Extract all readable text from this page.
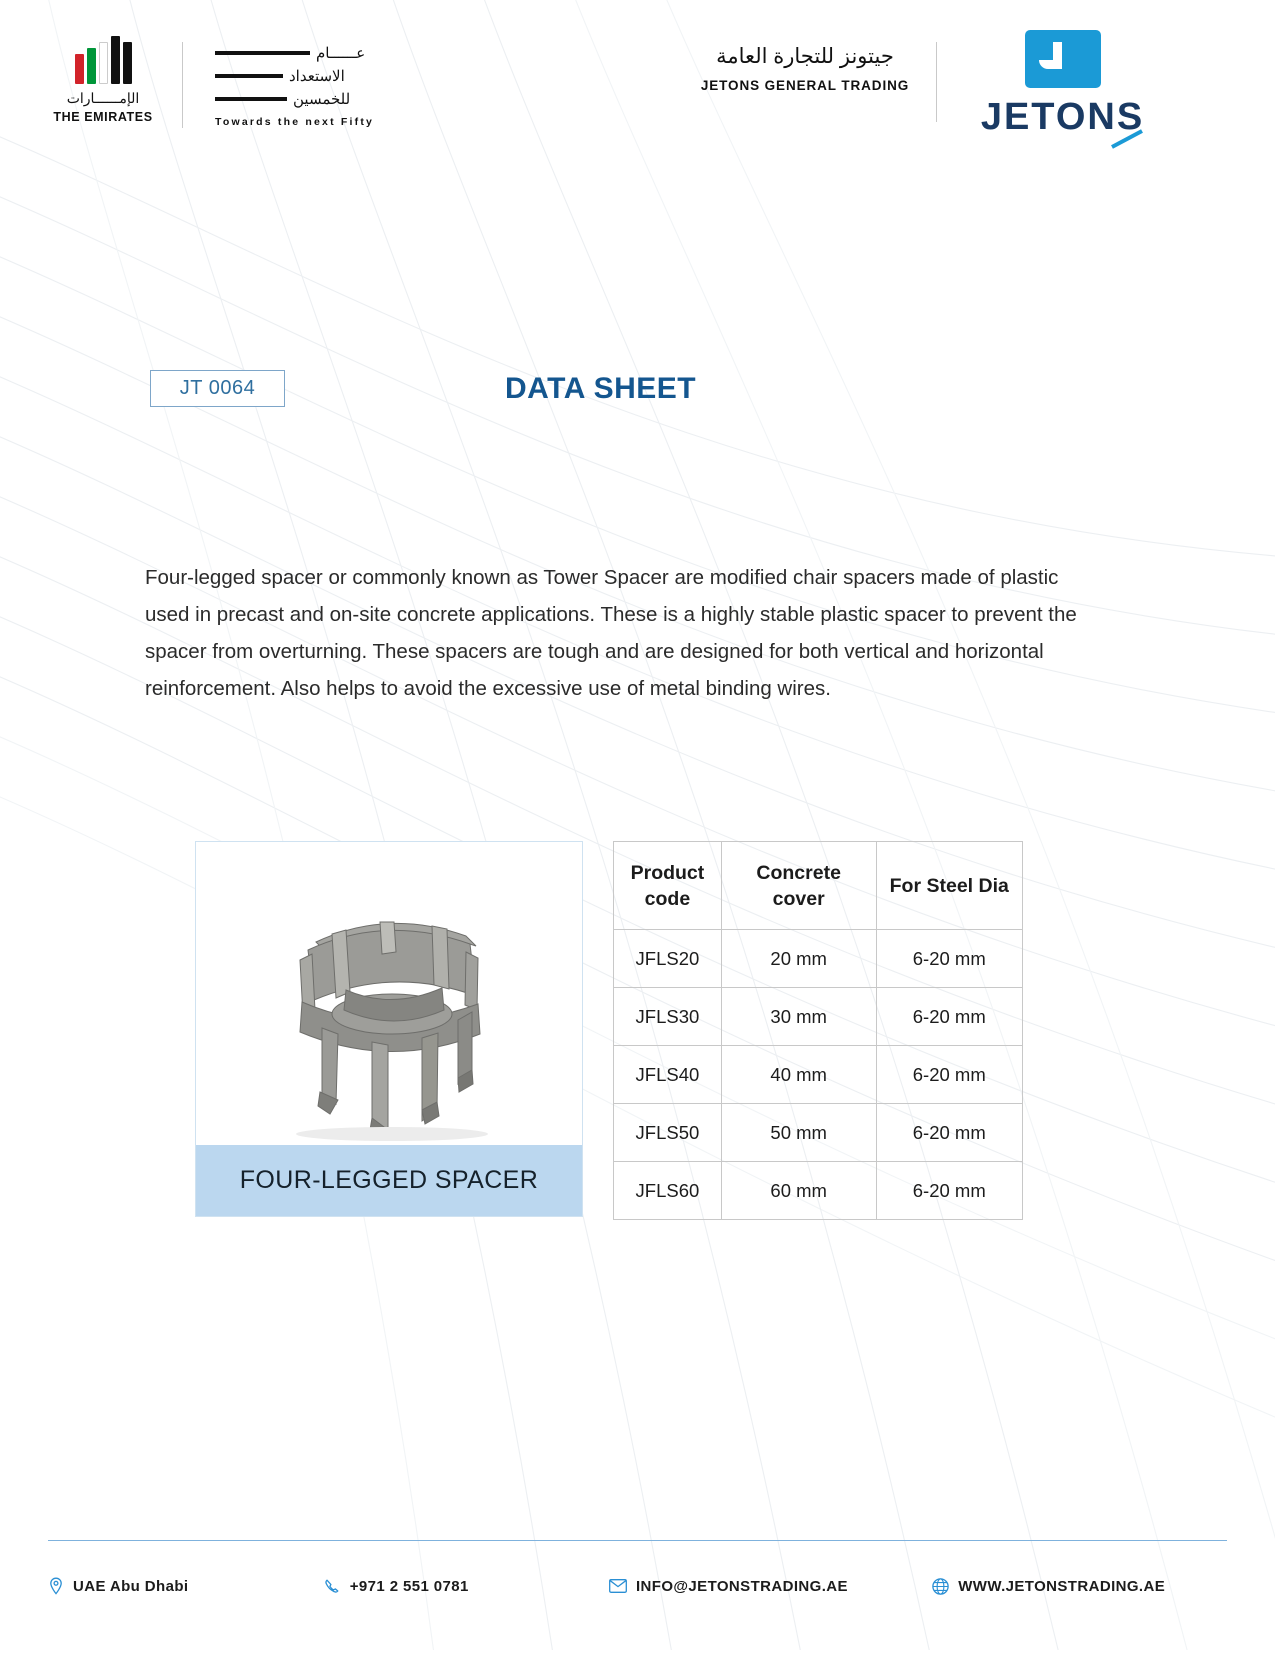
الإمــــــارات
THE EMIRATES
عــــــام
الاستعداد
للخمسين
Towards the next Fifty
جيتونز للتجارة العامة
JETONS GENERAL TRADING
JETONS
JT 0064	DATA SHEET

Four-legged spacer or commonly known as Tower Spacer are modified chair spacers made of plastic used in precast and on-site concrete applications. These is a highly stable plastic spacer to prevent the spacer from overturning. These spacers are tough and are designed for both vertical and horizontal reinforcement. Also helps to avoid the excessive use of metal binding wires.

FOUR-LEGGED SPACER
Product code	Concrete cover	For Steel Dia
JFLS20	20 mm	6-20 mm
JFLS30	30 mm	6-20 mm
JFLS40	40 mm	6-20 mm
JFLS50	50 mm	6-20 mm
JFLS60	60 mm	6-20 mm
UAE Abu Dhabi	+971 2 551 0781	INFO@JETONSTRADING.AE	WWW.JETONSTRADING.AE
